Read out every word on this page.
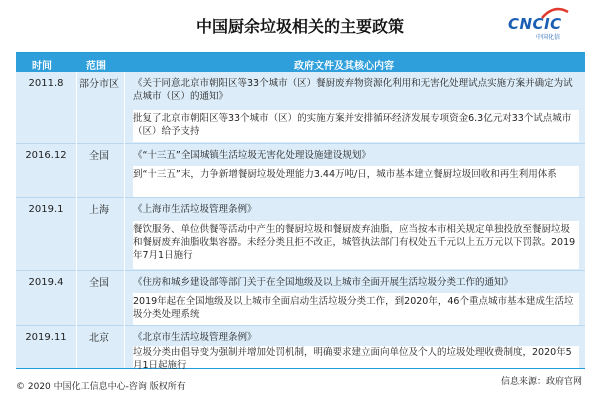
中国厨余垃圾相关的主要政策	CNCIC
中国化信
时间	范围	政府文件及其核心内容
2011.8	部分市区 《关于同意北京市朝阳区等33个城市（区）餐厨废弃物资源化利用和无害化处理试点实施方案并确定为试点城市（区）的通知》
批复了北京市朝阳区等33个城市（区）的实施方案并安排循环经济发展专项资金6.3亿元对33个试点城市（区）给予支持
2016.12	全国	《“十三五”全国城镇生活垃圾无害化处理设施建设规划》
到“十三五”末，力争新增餐厨垃圾处理能力3.44万吨/日，城市基本建立餐厨垃圾回收和再生利用体系
2019.1	上海	《上海市生活垃圾管理条例》
餐饮服务、单位供餐等活动中产生的餐厨垃圾和餐厨废弃油脂，应当按本市相关规定单独投放至餐厨垃圾和餐厨废弃油脂收集容器。未经分类且拒不改正，城管执法部门有权处五千元以上五万元以下罚款。2019年7月1日施行
2019.4	全国	《住房和城乡建设部等部门关于在全国地级及以上城市全面开展生活垃圾分类工作的通知》
2019年起在全国地级及以上城市全面启动生活垃圾分类工作，到2020年，46个重点城市基本建成生活垃圾分类处理系统
2019.11	北京	《北京市生活垃圾管理条例》
垃圾分类由倡导变为强制并增加处罚机制，明确要求建立面向单位及个人的垃圾处理收费制度，2020年5月1日起施行
© 2020 中国化工信息中心-咨询 版权所有	信息来源：政府官网
